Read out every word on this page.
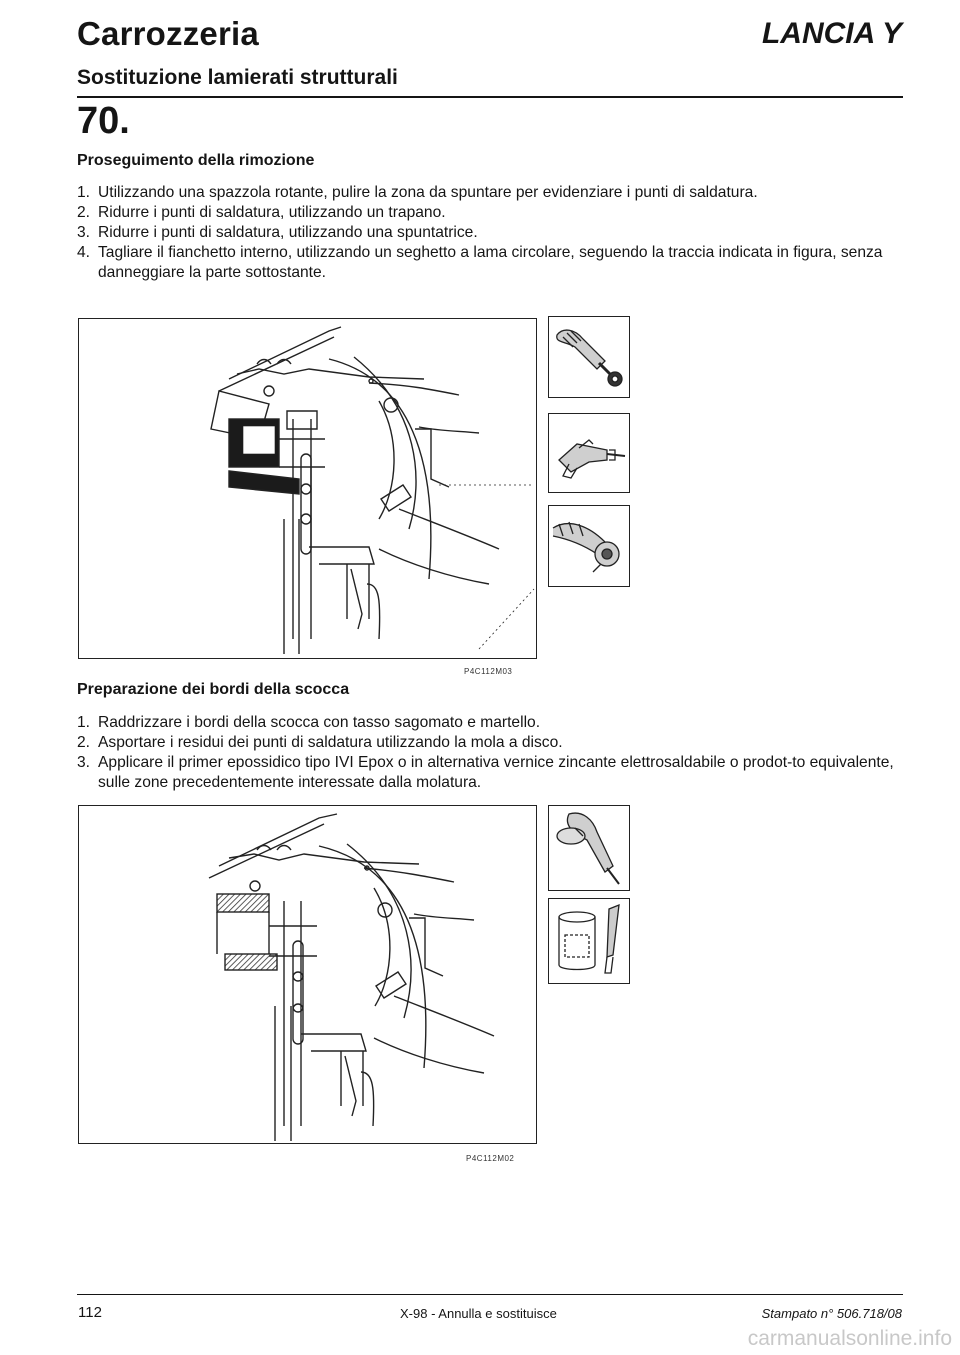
Carrozzeria	LANCIA Y
Sostituzione lamierati strutturali
70.
Proseguimento della rimozione
1. Utilizzando una spazzola rotante, pulire la zona da spuntare per evidenziare i punti di saldatura.
2. Ridurre i punti di saldatura, utilizzando un trapano.
3. Ridurre i punti di saldatura, utilizzando una spuntatrice.
4. Tagliare il fianchetto interno, utilizzando un seghetto a lama circolare, seguendo la traccia indicata in figura, senza danneggiare la parte sottostante.
P4C112M03
Preparazione dei bordi della scocca
1. Raddrizzare i bordi della scocca con tasso sagomato e martello.
2. Asportare i residui dei punti di saldatura utilizzando la mola a disco.
3. Applicare il primer epossidico tipo IVI Epox o in alternativa vernice zincante elettrosaldabile o prodot-to equivalente, sulle zone precedentemente interessate dalla molatura.
P4C112M02
112	X-98 - Annulla e sostituisce	Stampato n° 506.718/08
carmanualsonline.info
